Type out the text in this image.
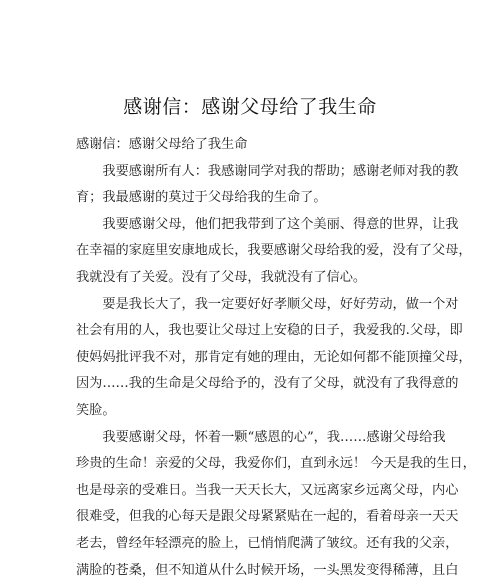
感谢信：感谢父母给了我生命

感谢信：感谢父母给了我生命

我要感谢所有人：我感谢同学对我的帮助；感谢老师对我的教
育；我最感谢的莫过于父母给我的生命了。

我要感谢父母，他们把我带到了这个美丽、得意的世界，让我
在幸福的家庭里安康地成长，我要感谢父母给我的爱，没有了父母，
我就没有了关爱。没有了父母，我就没有了信心。

要是我长大了，我一定要好好孝顺父母，好好劳动，做一个对
社会有用的人，我也要让父母过上安稳的日子，我爱我的.父母，即
使妈妈批评我不对，那肯定有她的理由，无论如何都不能顶撞父母，
因为……我的生命是父母给予的，没有了父母，就没有了我得意的
笑脸。

我要感谢父母，怀着一颗“感恩的心”，我……感谢父母给我
珍贵的生命！亲爱的父母，我爱你们，直到永远！ 今天是我的生日，
也是母亲的受难日。当我一天天长大，又远离家乡远离父母，内心
很难受，但我的心每天是跟父母紧紧贴在一起的，看着母亲一天天
老去，曾经年轻漂亮的脸上，已悄悄爬满了皱纹。还有我的父亲，
满脸的苍桑，但不知道从什么时候开场，一头黑发变得稀薄，且白
